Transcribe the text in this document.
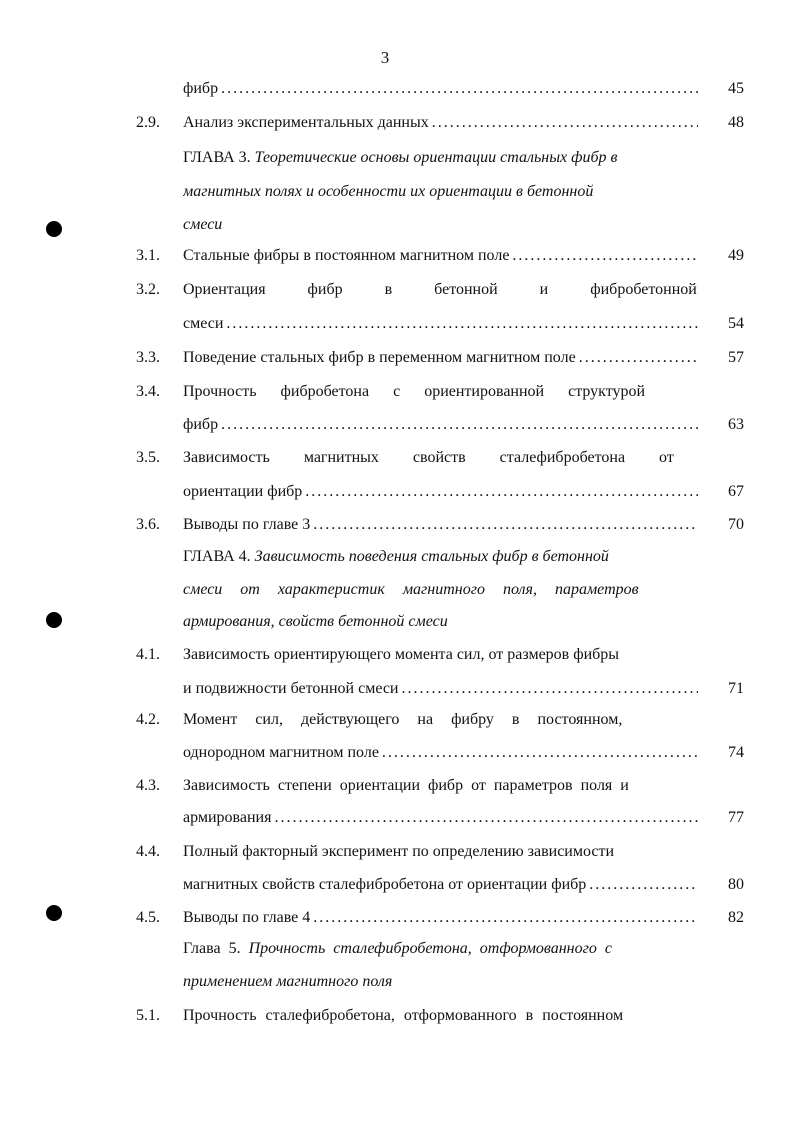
3
фибр . . .	45
2.9.	Анализ экспериментальных данных . . .	48
ГЛАВА 3. Теоретические основы ориентации стальных фибр в
магнитных полях и особенности их ориентации в бетонной
смеси
3.1.	Стальные фибры в постоянном магнитном поле . . .	49
3.2.	Ориентация фибр в бетонной и фибробетонной
смеси . . .	54
3.3.	Поведение стальных фибр в переменном магнитном поле . . .	57
3.4.	Прочность фибробетона с ориентированной структурой
фибр . . .	63
3.5.	Зависимость магнитных свойств сталефибробетона от
ориентации фибр . . .	67
3.6.	Выводы по главе 3 . . .	70
ГЛАВА 4. Зависимость поведения стальных фибр в бетонной
смеси от характеристик магнитного поля, параметров
армирования, свойств бетонной смеси
4.1.	Зависимость ориентирующего момента сил, от размеров фибры
и подвижности бетонной смеси . . .	71
4.2.	Момент сил, действующего на фибру в постоянном,
однородном магнитном поле . . .	74
4.3.	Зависимость степени ориентации фибр от параметров поля и
армирования . . .	77
4.4.	Полный факторный эксперимент по определению зависимости
магнитных свойств сталефибробетона от ориентации фибр . . .	80
4.5.	Выводы по главе 4 . . .	82
Глава 5. Прочность сталефибробетона, отформованного с
применением магнитного поля
5.1.	Прочность сталефибробетона, отформованного в постоянном
